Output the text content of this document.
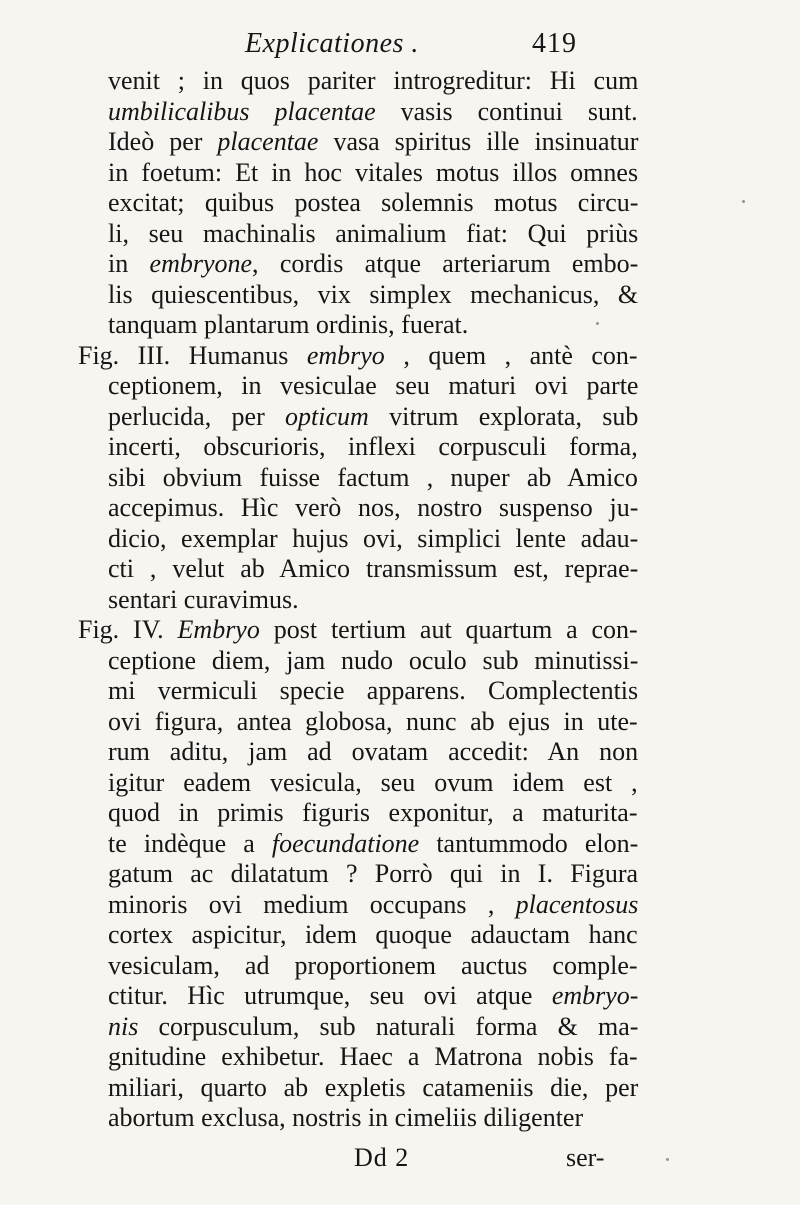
Explicationes .	419
venit ; in quos pariter introgreditur: Hi cum
umbilicalibus placentae vasis continui sunt.
Ideò per placentae vasa spiritus ille insinuatur
in foetum: Et in hoc vitales motus illos omnes
excitat; quibus postea solemnis motus circu-
li, seu machinalis animalium fiat: Qui priùs
in embryone, cordis atque arteriarum embo-
lis quiescentibus, vix simplex mechanicus, &
tanquam plantarum ordinis, fuerat.
Fig. III. Humanus embryo , quem , antè con-
ceptionem, in vesiculae seu maturi ovi parte
perlucida, per opticum vitrum explorata, sub
incerti, obscurioris, inflexi corpusculi forma,
sibi obvium fuisse factum , nuper ab Amico
accepimus. Hìc verò nos, nostro suspenso ju-
dicio, exemplar hujus ovi, simplici lente adau-
cti , velut ab Amico transmissum est, reprae-
sentari curavimus.
Fig. IV. Embryo post tertium aut quartum a con-
ceptione diem, jam nudo oculo sub minutissi-
mi vermiculi specie apparens. Complectentis
ovi figura, antea globosa, nunc ab ejus in ute-
rum aditu, jam ad ovatam accedit: An non
igitur eadem vesicula, seu ovum idem est ,
quod in primis figuris exponitur, a maturita-
te indèque a foecundatione tantummodo elon-
gatum ac dilatatum ? Porrò qui in I. Figura
minoris ovi medium occupans , placentosus
cortex aspicitur, idem quoque adauctam hanc
vesiculam, ad proportionem auctus comple-
ctitur. Hìc utrumque, seu ovi atque embryo-
nis corpusculum, sub naturali forma & ma-
gnitudine exhibetur. Haec a Matrona nobis fa-
miliari, quarto ab expletis catameniis die, per
abortum exclusa, nostris in cimeliis diligenter
Dd 2	ser-
